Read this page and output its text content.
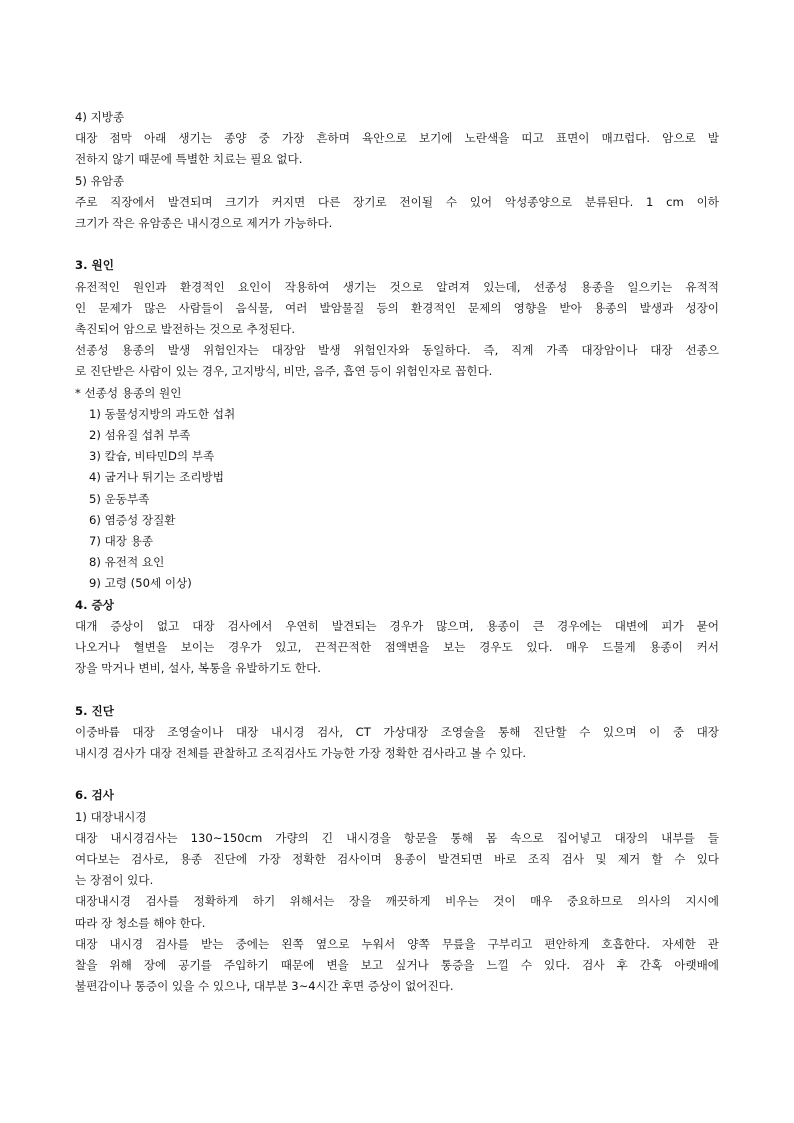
4) 지방종
대장 점막 아래 생기는 종양 중 가장 흔하며 육안으로 보기에 노란색을 띠고 표면이 매끄럽다. 암으로 발
전하지 않기 때문에 특별한 치료는 필요 없다.
5) 유암종
주로 직장에서 발견되며 크기가 커지면 다른 장기로 전이될 수 있어 악성종양으로 분류된다. 1 cm 이하
크기가 작은 유암종은 내시경으로 제거가 가능하다.
3. 원인
유전적인 원인과 환경적인 요인이 작용하여 생기는 것으로 알려져 있는데, 선종성 용종을 일으키는 유적적
인 문제가 많은 사람들이 음식물, 여러 발암물질 등의 환경적인 문제의 영향을 받아 용종의 발생과 성장이
촉진되어 암으로 발전하는 것으로 추정된다.
선종성 용종의 발생 위험인자는 대장암 발생 위험인자와 동일하다. 즉, 직계 가족 대장암이나 대장 선종으
로 진단받은 사람이 있는 경우, 고지방식, 비만, 음주, 흡연 등이 위험인자로 꼽힌다.
* 선종성 용종의 원인
1) 동물성지방의 과도한 섭취
2) 섬유질 섭취 부족
3) 칼슘, 비타민D의 부족
4) 굽거나 튀기는 조리방법
5) 운동부족
6) 염증성 장질환
7) 대장 용종
8) 유전적 요인
9) 고령 (50세 이상)
4. 증상
대개 증상이 없고 대장 검사에서 우연히 발견되는 경우가 많으며, 용종이 큰 경우에는 대변에 피가 묻어
나오거나 혈변을 보이는 경우가 있고, 끈적끈적한 점액변을 보는 경우도 있다. 매우 드물게 용종이 커서
장을 막거나 변비, 설사, 복통을 유발하기도 한다.
5. 진단
이중바륨 대장 조영술이나 대장 내시경 검사, CT 가상대장 조영술을 통해 진단할 수 있으며 이 중 대장
내시경 검사가 대장 전체를 관찰하고 조직검사도 가능한 가장 정확한 검사라고 볼 수 있다.
6. 검사
1) 대장내시경
대장 내시경검사는 130∼150cm 가량의 긴 내시경을 항문을 통해 몸 속으로 집어넣고 대장의 내부를 들
여다보는 검사로, 용종 진단에 가장 정확한 검사이며 용종이 발견되면 바로 조직 검사 및 제거 할 수 있다
는 장점이 있다.
대장내시경 검사를 정확하게 하기 위해서는 장을 깨끗하게 비우는 것이 매우 중요하므로 의사의 지시에
따라 장 청소를 해야 한다.
대장 내시경 검사를 받는 중에는 왼쪽 옆으로 누워서 양쪽 무릎을 구부리고 편안하게 호흡한다. 자세한 관
찰을 위해 장에 공기를 주입하기 때문에 변을 보고 싶거나 통증을 느낄 수 있다. 검사 후 간혹 아랫배에
불편감이나 통증이 있을 수 있으나, 대부분 3∼4시간 후면 증상이 없어진다.
